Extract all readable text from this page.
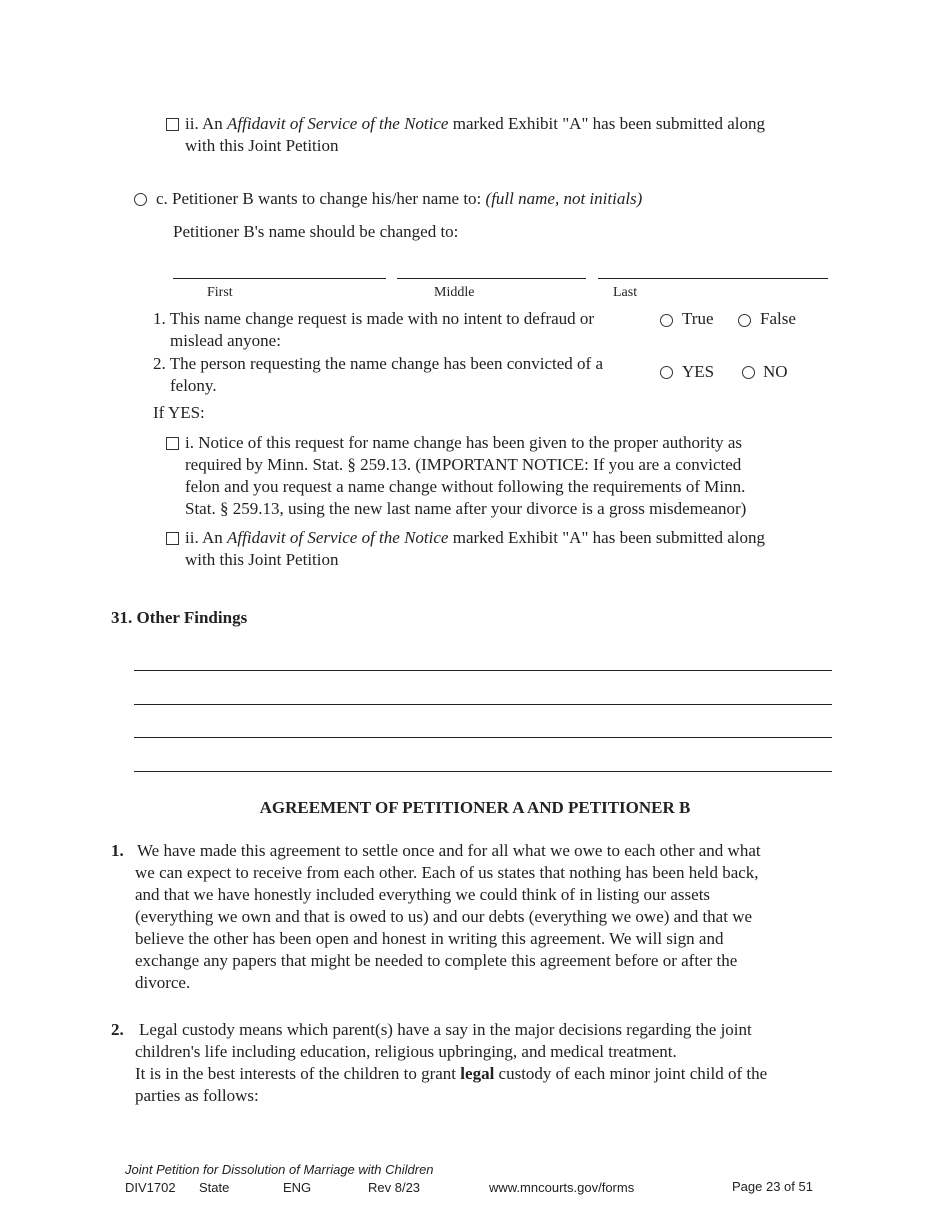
ii. An Affidavit of Service of the Notice marked Exhibit "A" has been submitted along
with this Joint Petition
c. Petitioner B wants to change his/her name to: (full name, not initials)
Petitioner B's name should be changed to:
First	Middle	Last
1. This name change request is made with no intent to defraud or
mislead anyone:
True	False
2. The person requesting the name change has been convicted of a
felony.
YES	NO
If YES:
i. Notice of this request for name change has been given to the proper authority as
required by Minn. Stat. § 259.13. (IMPORTANT NOTICE: If you are a convicted
felon and you request a name change without following the requirements of Minn.
Stat. § 259.13, using the new last name after your divorce is a gross misdemeanor)
ii. An Affidavit of Service of the Notice marked Exhibit "A" has been submitted along
with this Joint Petition
31. Other Findings
AGREEMENT OF PETITIONER A AND PETITIONER B
1. We have made this agreement to settle once and for all what we owe to each other and what
we can expect to receive from each other. Each of us states that nothing has been held back,
and that we have honestly included everything we could think of in listing our assets
(everything we own and that is owed to us) and our debts (everything we owe) and that we
believe the other has been open and honest in writing this agreement. We will sign and
exchange any papers that might be needed to complete this agreement before or after the
divorce.
2. Legal custody means which parent(s) have a say in the major decisions regarding the joint
children's life including education, religious upbringing, and medical treatment.
It is in the best interests of the children to grant legal custody of each minor joint child of the
parties as follows:
Joint Petition for Dissolution of Marriage with Children
DIV1702 State	ENG	Rev 8/23	www.mncourts.gov/forms	Page 23 of 51
